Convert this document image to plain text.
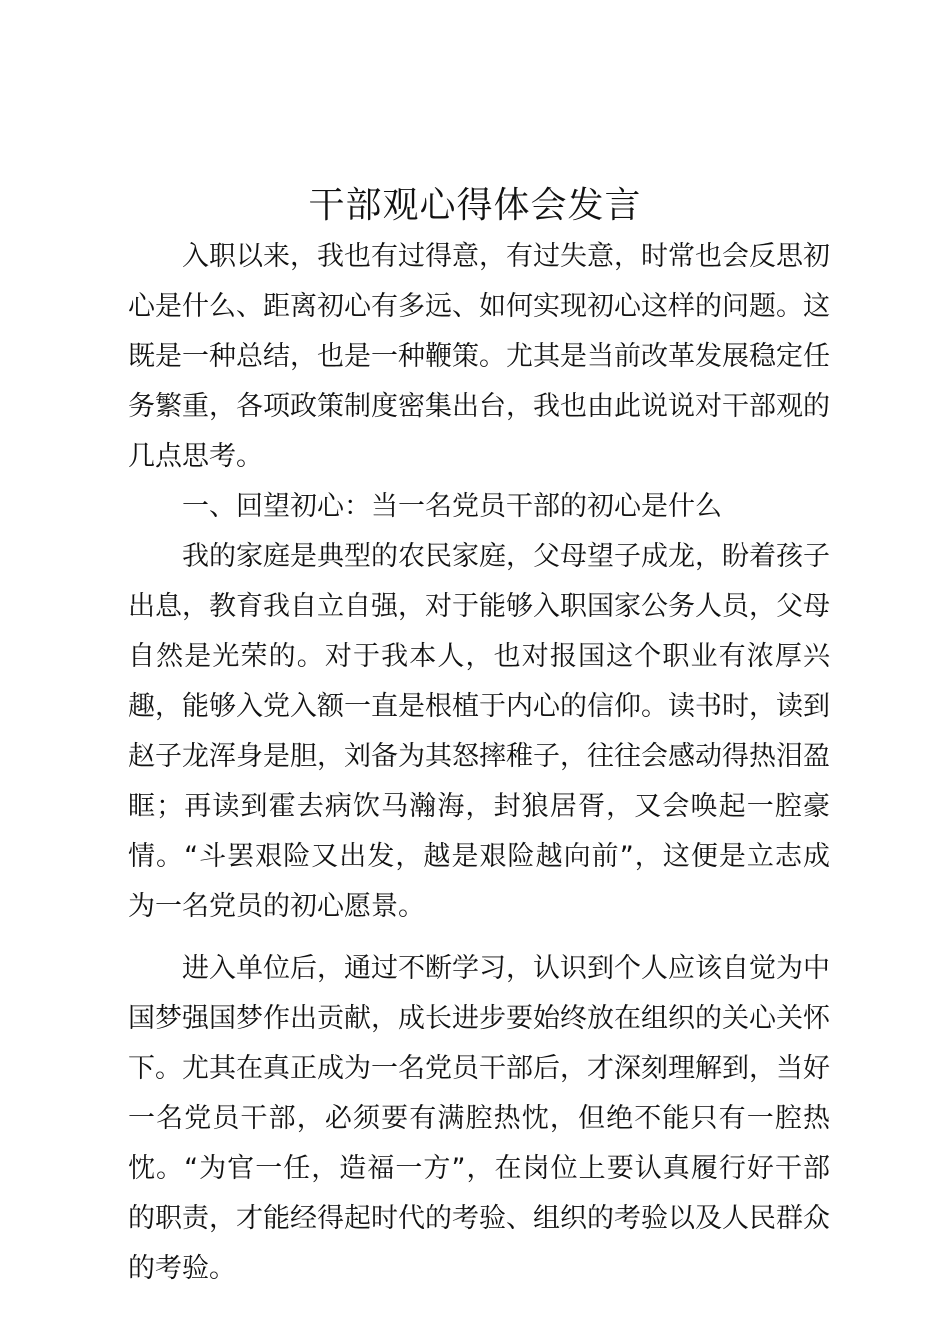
干部观心得体会发言

入职以来，我也有过得意，有过失意，时常也会反思初心是什么、距离初心有多远、如何实现初心这样的问题。这既是一种总结，也是一种鞭策。尤其是当前改革发展稳定任务繁重，各项政策制度密集出台，我也由此说说对干部观的几点思考。

一、回望初心：当一名党员干部的初心是什么

我的家庭是典型的农民家庭，父母望子成龙，盼着孩子出息，教育我自立自强，对于能够入职国家公务人员，父母自然是光荣的。对于我本人，也对报国这个职业有浓厚兴趣，能够入党入额一直是根植于内心的信仰。读书时，读到赵子龙浑身是胆，刘备为其怒摔稚子，往往会感动得热泪盈眶；再读到霍去病饮马瀚海，封狼居胥，又会唤起一腔豪情。“斗罢艰险又出发，越是艰险越向前”，这便是立志成为一名党员的初心愿景。

进入单位后，通过不断学习，认识到个人应该自觉为中国梦强国梦作出贡献，成长进步要始终放在组织的关心关怀下。尤其在真正成为一名党员干部后，才深刻理解到，当好一名党员干部，必须要有满腔热忱，但绝不能只有一腔热忱。“为官一任，造福一方”，在岗位上要认真履行好干部的职责，才能经得起时代的考验、组织的考验以及人民群众的考验。
